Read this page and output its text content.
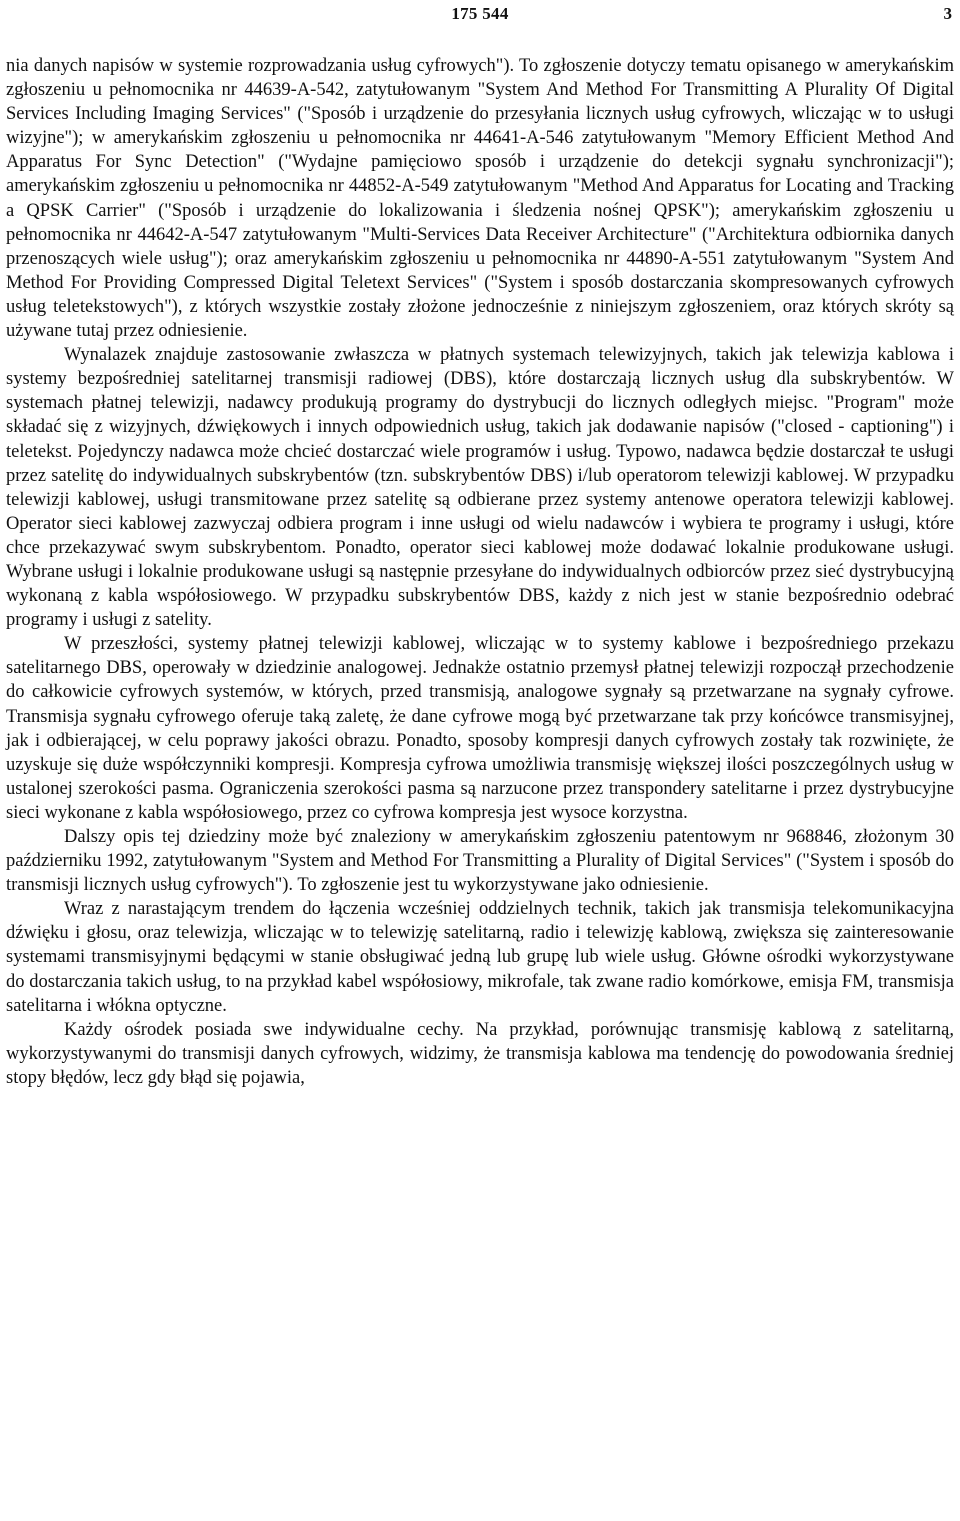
175 544	3

nia danych napisów w systemie rozprowadzania usług cyfrowych"). To zgłoszenie dotyczy tematu opisanego w amerykańskim zgłoszeniu u pełnomocnika nr 44639-A-542, zatytułowanym "System And Method For Transmitting A Plurality Of Digital Services Including Imaging Services" ("Sposób i urządzenie do przesyłania licznych usług cyfrowych, wliczając w to usługi wizyjne"); w amerykańskim zgłoszeniu u pełnomocnika nr 44641-A-546 zatytułowanym "Memory Efficient Method And Apparatus For Sync Detection" ("Wydajne pamięciowo sposób i urządzenie do detekcji sygnału synchronizacji"); amerykańskim zgłoszeniu u pełnomocnika nr 44852-A-549 zatytułowanym "Method And Apparatus for Locating and Tracking a QPSK Carrier" ("Sposób i urządzenie do lokalizowania i śledzenia nośnej QPSK"); amerykańskim zgłoszeniu u pełnomocnika nr 44642-A-547 zatytułowanym "Multi-Services Data Receiver Architecture" ("Architektura odbiornika danych przenoszących wiele usług"); oraz amerykańskim zgłoszeniu u pełnomocnika nr 44890-A-551 zatytułowanym "System And Method For Providing Compressed Digital Teletext Services" ("System i sposób dostarczania skompresowanych cyfrowych usług teletekstowych"), z których wszystkie zostały złożone jednocześnie z niniejszym zgłoszeniem, oraz których skróty są używane tutaj przez odniesienie.

Wynalazek znajduje zastosowanie zwłaszcza w płatnych systemach telewizyjnych, takich jak telewizja kablowa i systemy bezpośredniej satelitarnej transmisji radiowej (DBS), które dostarczają licznych usług dla subskrybentów. W systemach płatnej telewizji, nadawcy produkują programy do dystrybucji do licznych odległych miejsc. "Program" może składać się z wizyjnych, dźwiękowych i innych odpowiednich usług, takich jak dodawanie napisów ("closed - captioning") i teletekst. Pojedynczy nadawca może chcieć dostarczać wiele programów i usług. Typowo, nadawca będzie dostarczał te usługi przez satelitę do indywidualnych subskrybentów (tzn. subskrybentów DBS) i/lub operatorom telewizji kablowej. W przypadku telewizji kablowej, usługi transmitowane przez satelitę są odbierane przez systemy antenowe operatora telewizji kablowej. Operator sieci kablowej zazwyczaj odbiera program i inne usługi od wielu nadawców i wybiera te programy i usługi, które chce przekazywać swym subskrybentom. Ponadto, operator sieci kablowej może dodawać lokalnie produkowane usługi. Wybrane usługi i lokalnie produkowane usługi są następnie przesyłane do indywidualnych odbiorców przez sieć dystrybucyjną wykonaną z kabla współosiowego. W przypadku subskrybentów DBS, każdy z nich jest w stanie bezpośrednio odebrać programy i usługi z satelity.

W przeszłości, systemy płatnej telewizji kablowej, wliczając w to systemy kablowe i bezpośredniego przekazu satelitarnego DBS, operowały w dziedzinie analogowej. Jednakże ostatnio przemysł płatnej telewizji rozpoczął przechodzenie do całkowicie cyfrowych systemów, w których, przed transmisją, analogowe sygnały są przetwarzane na sygnały cyfrowe. Transmisja sygnału cyfrowego oferuje taką zaletę, że dane cyfrowe mogą być przetwarzane tak przy końcówce transmisyjnej, jak i odbierającej, w celu poprawy jakości obrazu. Ponadto, sposoby kompresji danych cyfrowych zostały tak rozwinięte, że uzyskuje się duże współczynniki kompresji. Kompresja cyfrowa umożliwia transmisję większej ilości poszczególnych usług w ustalonej szerokości pasma. Ograniczenia szerokości pasma są narzucone przez transpondery satelitarne i przez dystrybucyjne sieci wykonane z kabla współosiowego, przez co cyfrowa kompresja jest wysoce korzystna.

Dalszy opis tej dziedziny może być znaleziony w amerykańskim zgłoszeniu patentowym nr 968846, złożonym 30 październiku 1992, zatytułowanym "System and Method For Transmitting a Plurality of Digital Services" ("System i sposób do transmisji licznych usług cyfrowych"). To zgłoszenie jest tu wykorzystywane jako odniesienie.

Wraz z narastającym trendem do łączenia wcześniej oddzielnych technik, takich jak transmisja telekomunikacyjna dźwięku i głosu, oraz telewizja, wliczając w to telewizję satelitarną, radio i telewizję kablową, zwiększa się zainteresowanie systemami transmisyjnymi będącymi w stanie obsługiwać jedną lub grupę lub wiele usług. Główne ośrodki wykorzystywane do dostarczania takich usług, to na przykład kabel współosiowy, mikrofale, tak zwane radio komórkowe, emisja FM, transmisja satelitarna i włókna optyczne.

Każdy ośrodek posiada swe indywidualne cechy. Na przykład, porównując transmisję kablową z satelitarną, wykorzystywanymi do transmisji danych cyfrowych, widzimy, że transmisja kablowa ma tendencję do powodowania średniej stopy błędów, lecz gdy błąd się pojawia,
